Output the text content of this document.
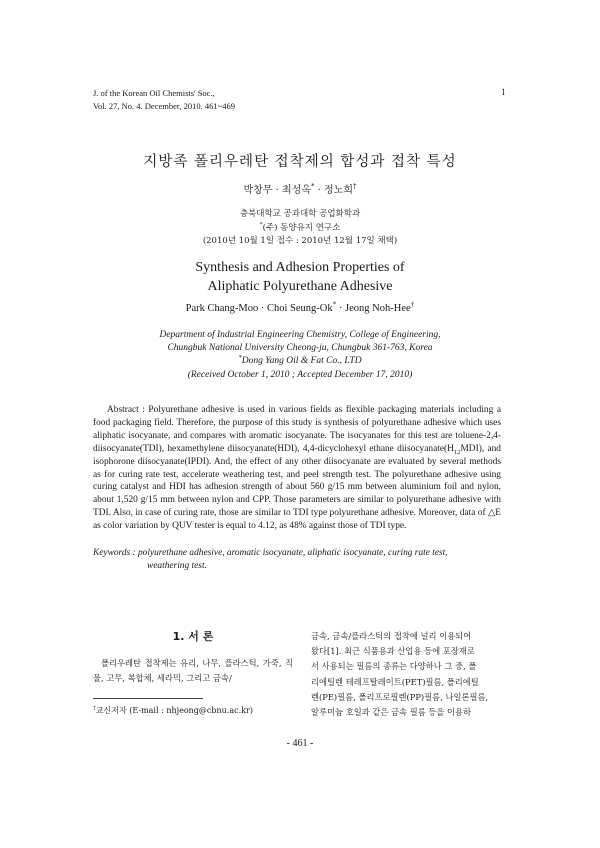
J. of the Korean Oil Chemists' Soc.,
Vol. 27, No. 4. December, 2010. 461~469
1
지방족 폴리우레탄 접착제의 합성과 접착 특성
박창무 · 최성옥* · 정노희†
충북대학교 공과대학 공업화학과
*(주) 동양유지 연구소
(2010년 10월 1일 접수 : 2010년 12월 17일 채택)
Synthesis and Adhesion Properties of
Aliphatic Polyurethane Adhesive
Park Chang-Moo · Choi Seung-Ok* · Jeong Noh-Hee†
Department of Industrial Engineering Chemistry, College of Engineering,
Chungbuk National University Cheong-ju, Chungbuk 361-763, Korea
*Dong Yang Oil & Fat Co., LTD
(Received October 1, 2010 ; Accepted December 17, 2010)
Abstract : Polyurethane adhesive is used in various fields as flexible packaging materials including a food packaging field. Therefore, the purpose of this study is synthesis of polyurethane adhesive which uses aliphatic isocyanate, and compares with aromatic isocyanate. The isocyanates for this test are toluene-2,4-diisocyanate(TDI), hexamethylene diisocyanate(HDI), 4,4-dicyclohexyl ethane $diisocyanate(H_{12}MDI)$, and isophorone diisocyanate(IPDI). And, the effect of any other diisocyanate are evaluated by several methods as for curing rate test, accelerate weathering test, and peel strength test. The polyurethane adhesive using curing catalyst and HDI has adhesion strength of about 560 g/15 mm between aluminium foil and nylon, about 1,520 g/15 mm between nylon and CPP. Those parameters are similar to polyurethane adhesive with TDI. Also, in case of curing rate, those are similar to TDI type polyurethane adhesive. Moreover, data of △E as color variation by QUV tester is equal to 4.12, as 48% against those of TDI type.
Keywords : polyurethane adhesive, aromatic isocyanate, aliphatic isocyanate, curing rate test,
weathering test.
1. 서 론
폴리우레탄 접착제는 유리, 나무, 플라스틱, 가죽, 직물, 고무, 복합체, 세라믹, 그리고 금속/
금속, 금속/플라스틱의 접착에 널리 이용되어
왔다[1]. 최근 식품용과 산업용 등에 포장재로
서 사용되는 필름의 종류는 다양하나 그 중, 폴
리에틸렌 테레프탈레이트(PET)필름, 폴리에틸
렌(PE)필름, 폴리프로필렌(PP)필름, 나일론필름,
알루미늄 호일과 같은 금속 필름 등을 이용하
†교신저자 (E-mail : nhjeong@cbnu.ac.kr)
- 461 -
